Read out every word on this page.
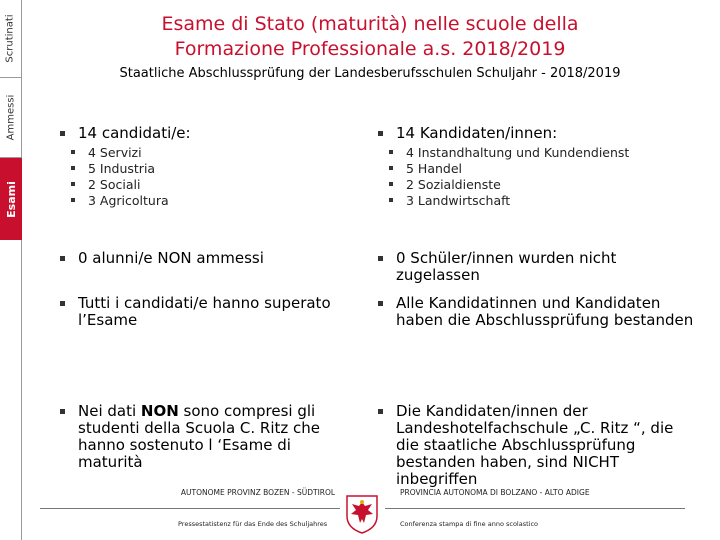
Scrutinati
Ammessi
Esami
Esame di Stato (maturità) nelle scuole della
Formazione Professionale a.s. 2018/2019
Staatliche Abschlussprüfung der Landesberufsschulen Schuljahr - 2018/2019
14 candidati/e:
4 Servizi
5 Industria
2 Sociali
3 Agricoltura
0 alunni/e NON ammessi
Tutti i candidati/e hanno superato l’Esame
Nei dati NON sono compresi gli studenti della Scuola C. Ritz che hanno sostenuto l ‘Esame di maturità
14 Kandidaten/innen:
4 Instandhaltung und Kundendienst
5 Handel
2 Sozialdienste
3 Landwirtschaft
0 Schüler/innen wurden nicht zugelassen
Alle Kandidatinnen und Kandidaten haben die Abschlussprüfung bestanden
Die Kandidaten/innen der Landeshotelfachschule „C. Ritz “, die die staatliche Abschlussprüfung bestanden haben, sind NICHT inbegriffen
AUTONOME PROVINZ BOZEN - SÜDTIROL
Pressestatistenz für das Ende des Schuljahres
PROVINCIA AUTONOMA DI BOLZANO - ALTO ADIGE
Conferenza stampa di fine anno scolastico
